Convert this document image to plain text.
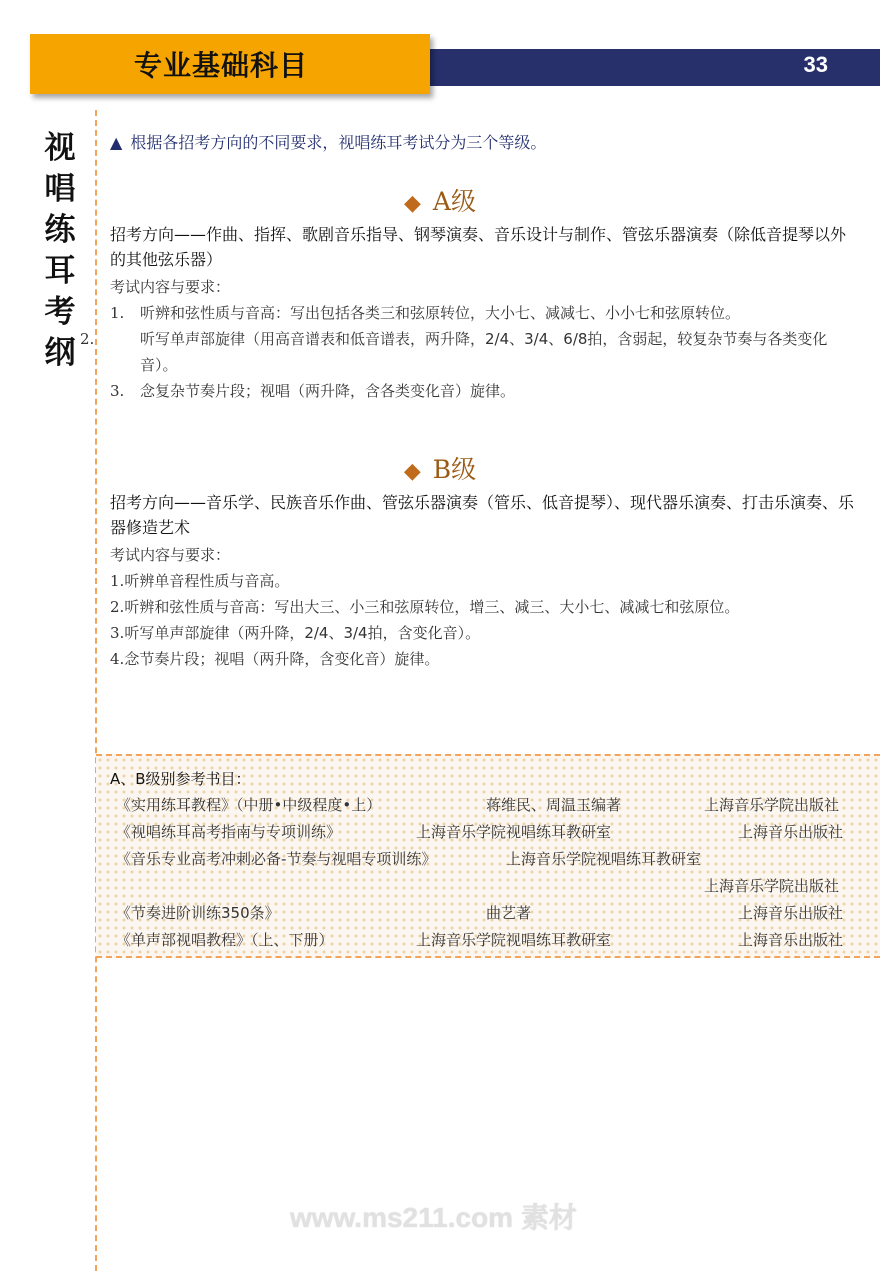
33
专业基础科目
视唱练耳考纲
▲ 根据各招考方向的不同要求，视唱练耳考试分为三个等级。
◆ A级
招考方向——作曲、指挥、歌剧音乐指导、钢琴演奏、音乐设计与制作、管弦乐器演奏（除低音提琴以外的其他弦乐器）
考试内容与要求：
1. 听辨和弦性质与音高：写出包括各类三和弦原转位，大小七、减减七、小小七和弦原转位。
2.	听写单声部旋律（用高音谱表和低音谱表，两升降，2/4、3/4、6/8拍，含弱起，较复杂节奏与各类变化音）。
3. 念复杂节奏片段；视唱（两升降，含各类变化音）旋律。
◆ B级
招考方向——音乐学、民族音乐作曲、管弦乐器演奏（管乐、低音提琴）、现代器乐演奏、打击乐演奏、乐器修造艺术
考试内容与要求：
1.听辨单音程性质与音高。
2.听辨和弦性质与音高：写出大三、小三和弦原转位，增三、减三、大小七、减减七和弦原位。
3.听写单声部旋律（两升降，2/4、3/4拍，含变化音）。
4.念节奏片段；视唱（两升降，含变化音）旋律。
A、B级别参考书目：
《实用练耳教程》（中册•中级程度•上）	蒋维民、周温玉编著	上海音乐学院出版社
《视唱练耳高考指南与专项训练》	上海音乐学院视唱练耳教研室	上海音乐出版社
《音乐专业高考冲刺必备-节奏与视唱专项训练》	上海音乐学院视唱练耳教研室
上海音乐学院出版社
《节奏进阶训练350条》	曲艺著	上海音乐出版社
《单声部视唱教程》（上、下册）	上海音乐学院视唱练耳教研室	上海音乐出版社
www.ms211.com 素材
